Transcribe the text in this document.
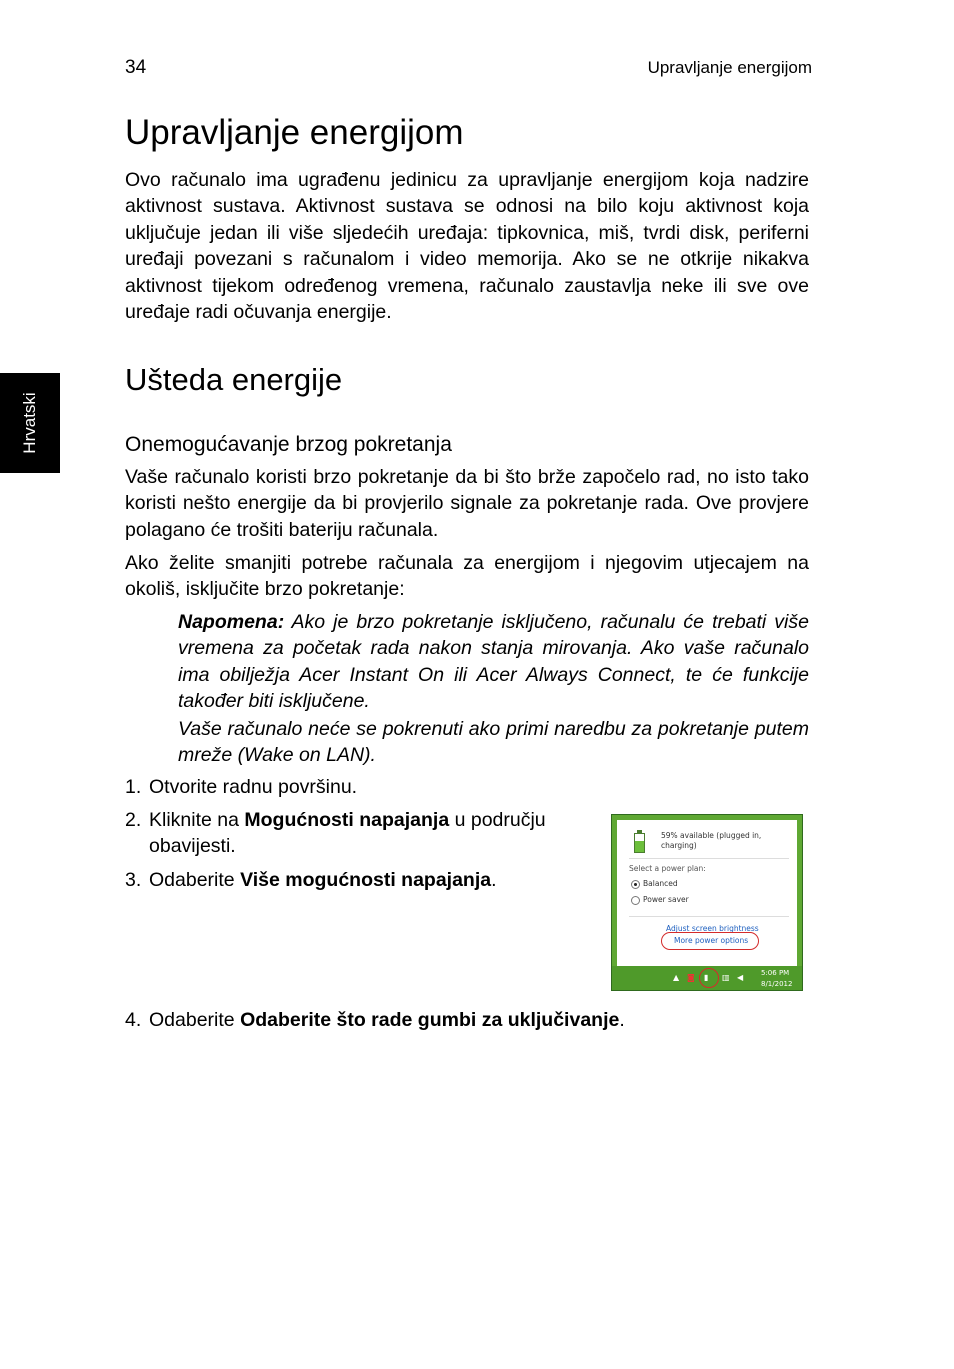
34	Upravljanje energijom
Hrvatski
Upravljanje energijom

Ovo računalo ima ugrađenu jedinicu za upravljanje energijom koja nadzire aktivnost sustava. Aktivnost sustava se odnosi na bilo koju aktivnost koja uključuje jedan ili više sljedećih uređaja: tipkovnica, miš, tvrdi disk, periferni uređaji povezani s računalom i video memorija. Ako se ne otkrije nikakva aktivnost tijekom određenog vremena, računalo zaustavlja neke ili sve ove uređaje radi očuvanja energije.

Ušteda energije
Onemogućavanje brzog pokretanja

Vaše računalo koristi brzo pokretanje da bi što brže započelo rad, no isto tako koristi nešto energije da bi provjerilo signale za pokretanje rada. Ove provjere polagano će trošiti bateriju računala.

Ako želite smanjiti potrebe računala za energijom i njegovim utjecajem na okoliš, isključite brzo pokretanje:

Napomena: Ako je brzo pokretanje isključeno, računalu će trebati više vremena za početak rada nakon stanja mirovanja. Ako vaše računalo ima obilježja Acer Instant On ili Acer Always Connect, te će funkcije također biti isključene.

Vaše računalo neće se pokrenuti ako primi naredbu za pokretanje putem mreže (Wake on LAN).

1. Otvorite radnu površinu.

2. Kliknite na Mogućnosti napajanja u području
obavijesti.

3. Odaberite Više mogućnosti napajanja.

4. Odaberite Odaberite što rade gumbi za uključivanje.

59% available (plugged in,
charging)
Select a power plan:
Balanced
Power saver
Adjust screen brightness
More power options
▲ ◙ ▮ ▥ ◀	5:06 PM
8/1/2012
